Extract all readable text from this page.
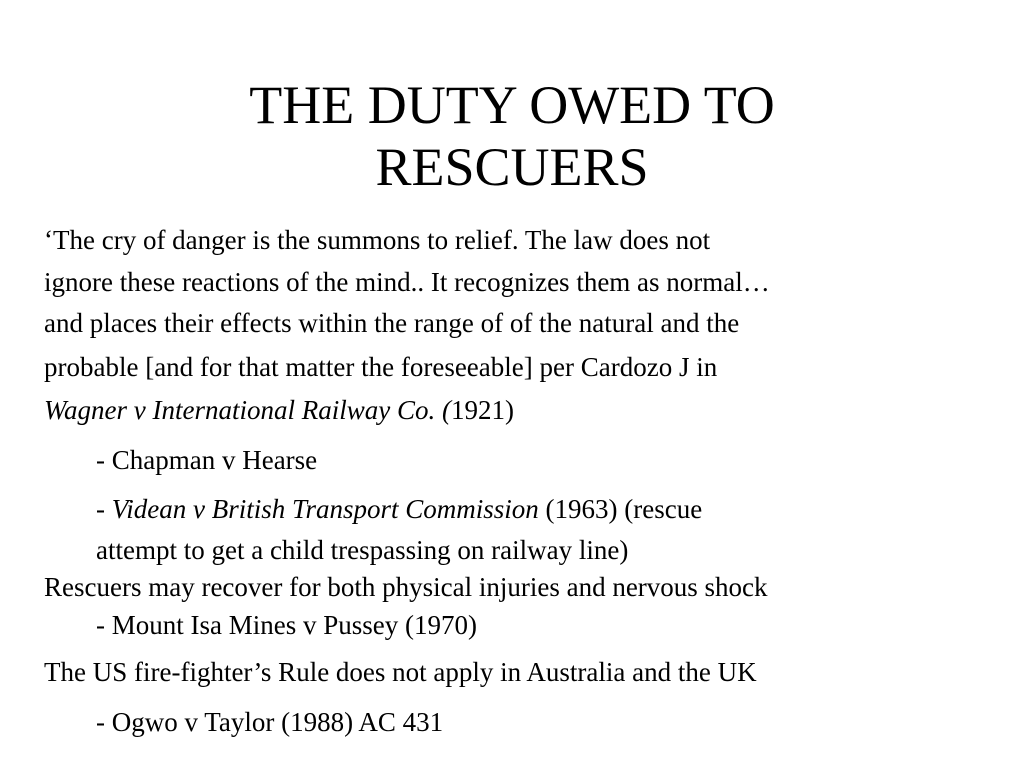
THE DUTY OWED TO
RESCUERS
‘The cry of danger is the summons to relief. The law does not
ignore these reactions of the mind.. It recognizes them as normal…
and places their effects within the range of of the natural and the
probable [and for that matter the foreseeable] per Cardozo J in
Wagner v International Railway Co. (1921)
- Chapman v Hearse
- Videan v British Transport Commission (1963) (rescue
attempt to get a child trespassing on railway line)
Rescuers may recover for both physical injuries and nervous shock
- Mount Isa Mines v Pussey (1970)
The US fire-fighter’s Rule does not apply in Australia and the UK
- Ogwo v Taylor (1988) AC 431
